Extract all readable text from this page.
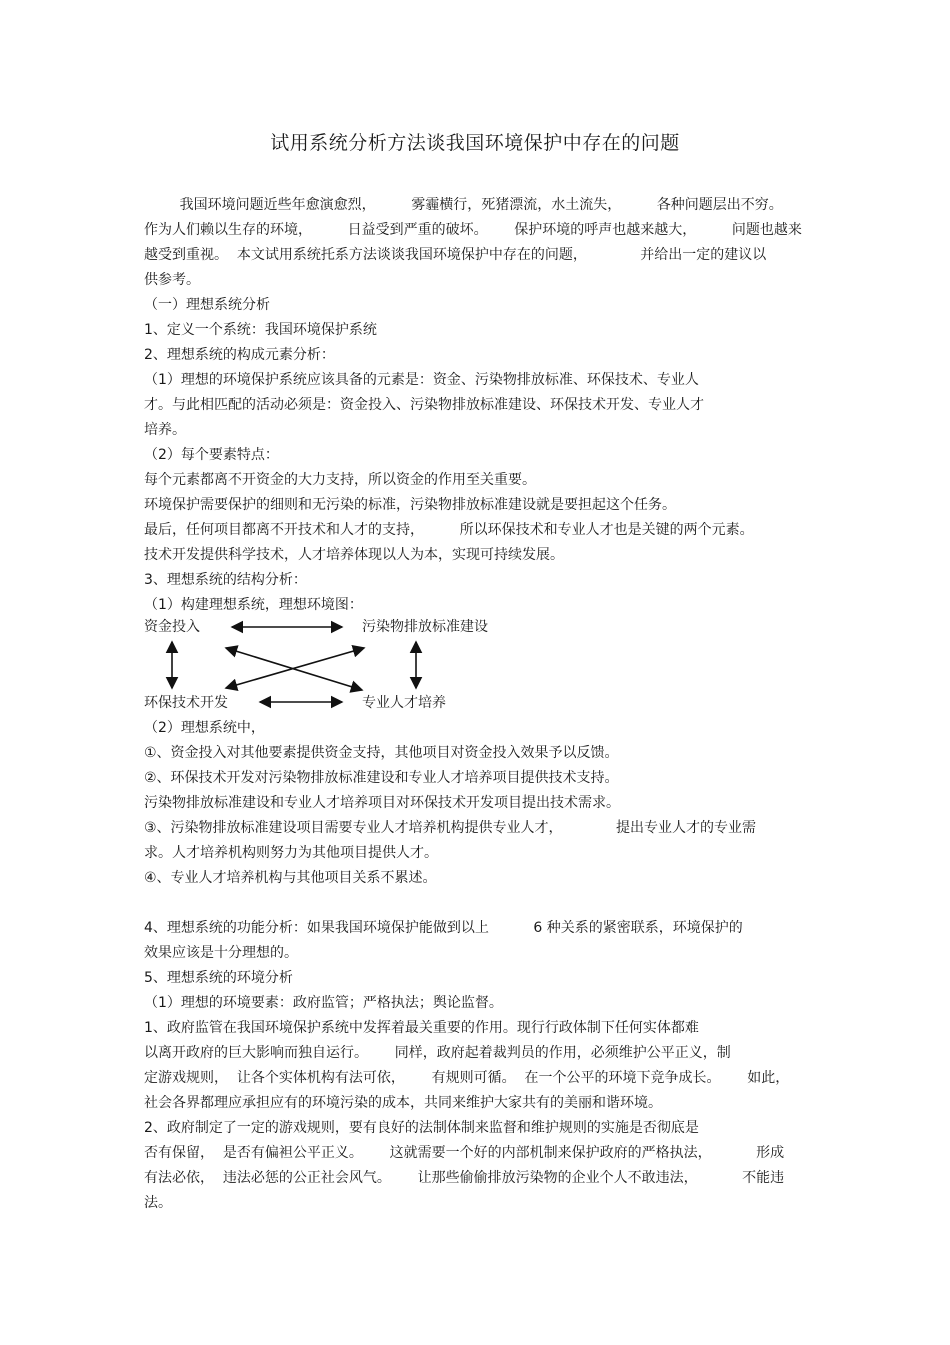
试用系统分析方法谈我国环境保护中存在的问题
我国环境问题近些年愈演愈烈，        雾霾横行，死猪漂流，水土流失，        各种问题层出不穷。
作为人们赖以生存的环境，        日益受到严重的破坏。      保护环境的呼声也越来越大，        问题也越来
越受到重视。  本文试用系统托系方法谈谈我国环境保护中存在的问题，            并给出一定的建议以
供参考。
（一）理想系统分析
1、定义一个系统：我国环境保护系统
2、理想系统的构成元素分析：
（1）理想的环境保护系统应该具备的元素是：资金、污染物排放标准、环保技术、专业人
才。与此相匹配的活动必须是：资金投入、污染物排放标准建设、环保技术开发、专业人才
培养。
（2）每个要素特点：
每个元素都离不开资金的大力支持，所以资金的作用至关重要。
环境保护需要保护的细则和无污染的标准，污染物排放标准建设就是要担起这个任务。
最后，任何项目都离不开技术和人才的支持，        所以环保技术和专业人才也是关键的两个元素。
技术开发提供科学技术，人才培养体现以人为本，实现可持续发展。
3、理想系统的结构分析：
（1）构建理想系统，理想环境图：
（2）理想系统中，
①、资金投入对其他要素提供资金支持，其他项目对资金投入效果予以反馈。
②、环保技术开发对污染物排放标准建设和专业人才培养项目提供技术支持。
污染物排放标准建设和专业人才培养项目对环保技术开发项目提出技术需求。
③、污染物排放标准建设项目需要专业人才培养机构提供专业人才，            提出专业人才的专业需
求。人才培养机构则努力为其他项目提供人才。
④、专业人才培养机构与其他项目关系不累述。
4、理想系统的功能分析：如果我国环境保护能做到以上          6 种关系的紧密联系，环境保护的
效果应该是十分理想的。
5、理想系统的环境分析
（1）理想的环境要素：政府监管；严格执法；舆论监督。
1、政府监管在我国环境保护系统中发挥着最关重要的作用。现行行政体制下任何实体都难
以离开政府的巨大影响而独自运行。      同样，政府起着裁判员的作用，必须维护公平正义，制
定游戏规则，  让各个实体机构有法可依，      有规则可循。  在一个公平的环境下竞争成长。      如此，
社会各界都理应承担应有的环境污染的成本，共同来维护大家共有的美丽和谐环境。
2、政府制定了一定的游戏规则，要有良好的法制体制来监督和维护规则的实施是否彻底是
否有保留，  是否有偏袒公平正义。      这就需要一个好的内部机制来保护政府的严格执法，          形成
有法必依，  违法必惩的公正社会风气。      让那些偷偷排放污染物的企业个人不敢违法，          不能违
法。
资金投入	污染物排放标准建设
环保技术开发	专业人才培养
